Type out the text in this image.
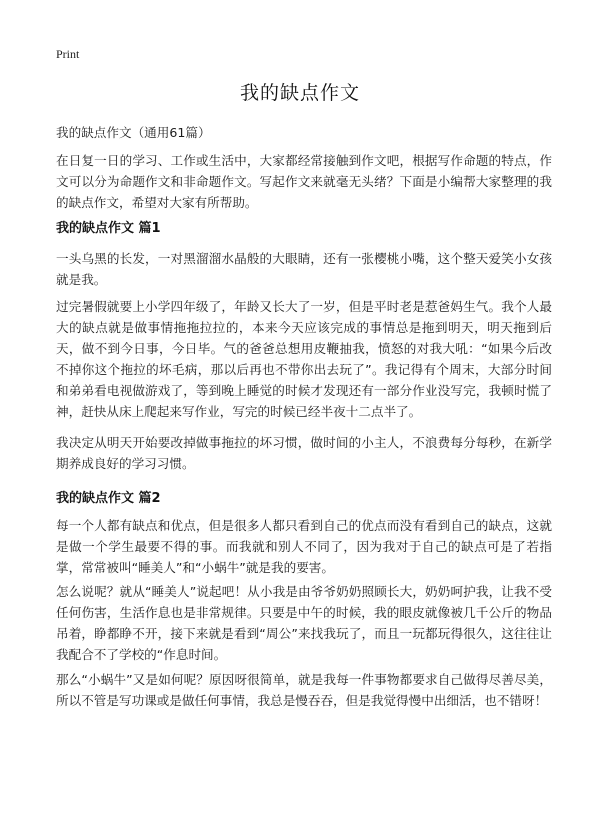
Print
我的缺点作文

我的缺点作文（通用61篇）

在日复一日的学习、工作或生活中，大家都经常接触到作文吧，根据写作命题的特点，作文可以分为命题作文和非命题作文。写起作文来就毫无头绪？下面是小编帮大家整理的我的缺点作文，希望对大家有所帮助。

我的缺点作文 篇1

一头乌黑的长发，一对黑溜溜水晶般的大眼睛，还有一张樱桃小嘴，这个整天爱笑小女孩就是我。

过完暑假就要上小学四年级了，年龄又长大了一岁，但是平时老是惹爸妈生气。我个人最大的缺点就是做事情拖拖拉拉的，本来今天应该完成的事情总是拖到明天，明天拖到后天，做不到今日事，今日毕。气的爸爸总想用皮鞭抽我，愤怒的对我大吼：“如果今后改不掉你这个拖拉的坏毛病，那以后再也不带你出去玩了”。我记得有个周末，大部分时间和弟弟看电视做游戏了，等到晚上睡觉的时候才发现还有一部分作业没写完，我顿时慌了神，赶快从床上爬起来写作业，写完的时候已经半夜十二点半了。

我决定从明天开始要改掉做事拖拉的坏习惯，做时间的小主人，不浪费每分每秒，在新学期养成良好的学习习惯。

我的缺点作文 篇2

每一个人都有缺点和优点，但是很多人都只看到自己的优点而没有看到自己的缺点，这就是做一个学生最要不得的事。而我就和别人不同了，因为我对于自己的缺点可是了若指掌，常常被叫“睡美人”和“小蜗牛”就是我的要害。

怎么说呢？就从“睡美人”说起吧！从小我是由爷爷奶奶照顾长大，奶奶呵护我，让我不受任何伤害，生活作息也是非常规律。只要是中午的时候，我的眼皮就像被几千公斤的物品吊着，睁都睁不开，接下来就是看到“周公”来找我玩了，而且一玩都玩得很久，这往往让我配合不了学校的“作息时间。

那么“小蜗牛”又是如何呢？原因呀很简单，就是我每一件事物都要求自己做得尽善尽美，所以不管是写功课或是做任何事情，我总是慢吞吞，但是我觉得慢中出细活，也不错呀！
